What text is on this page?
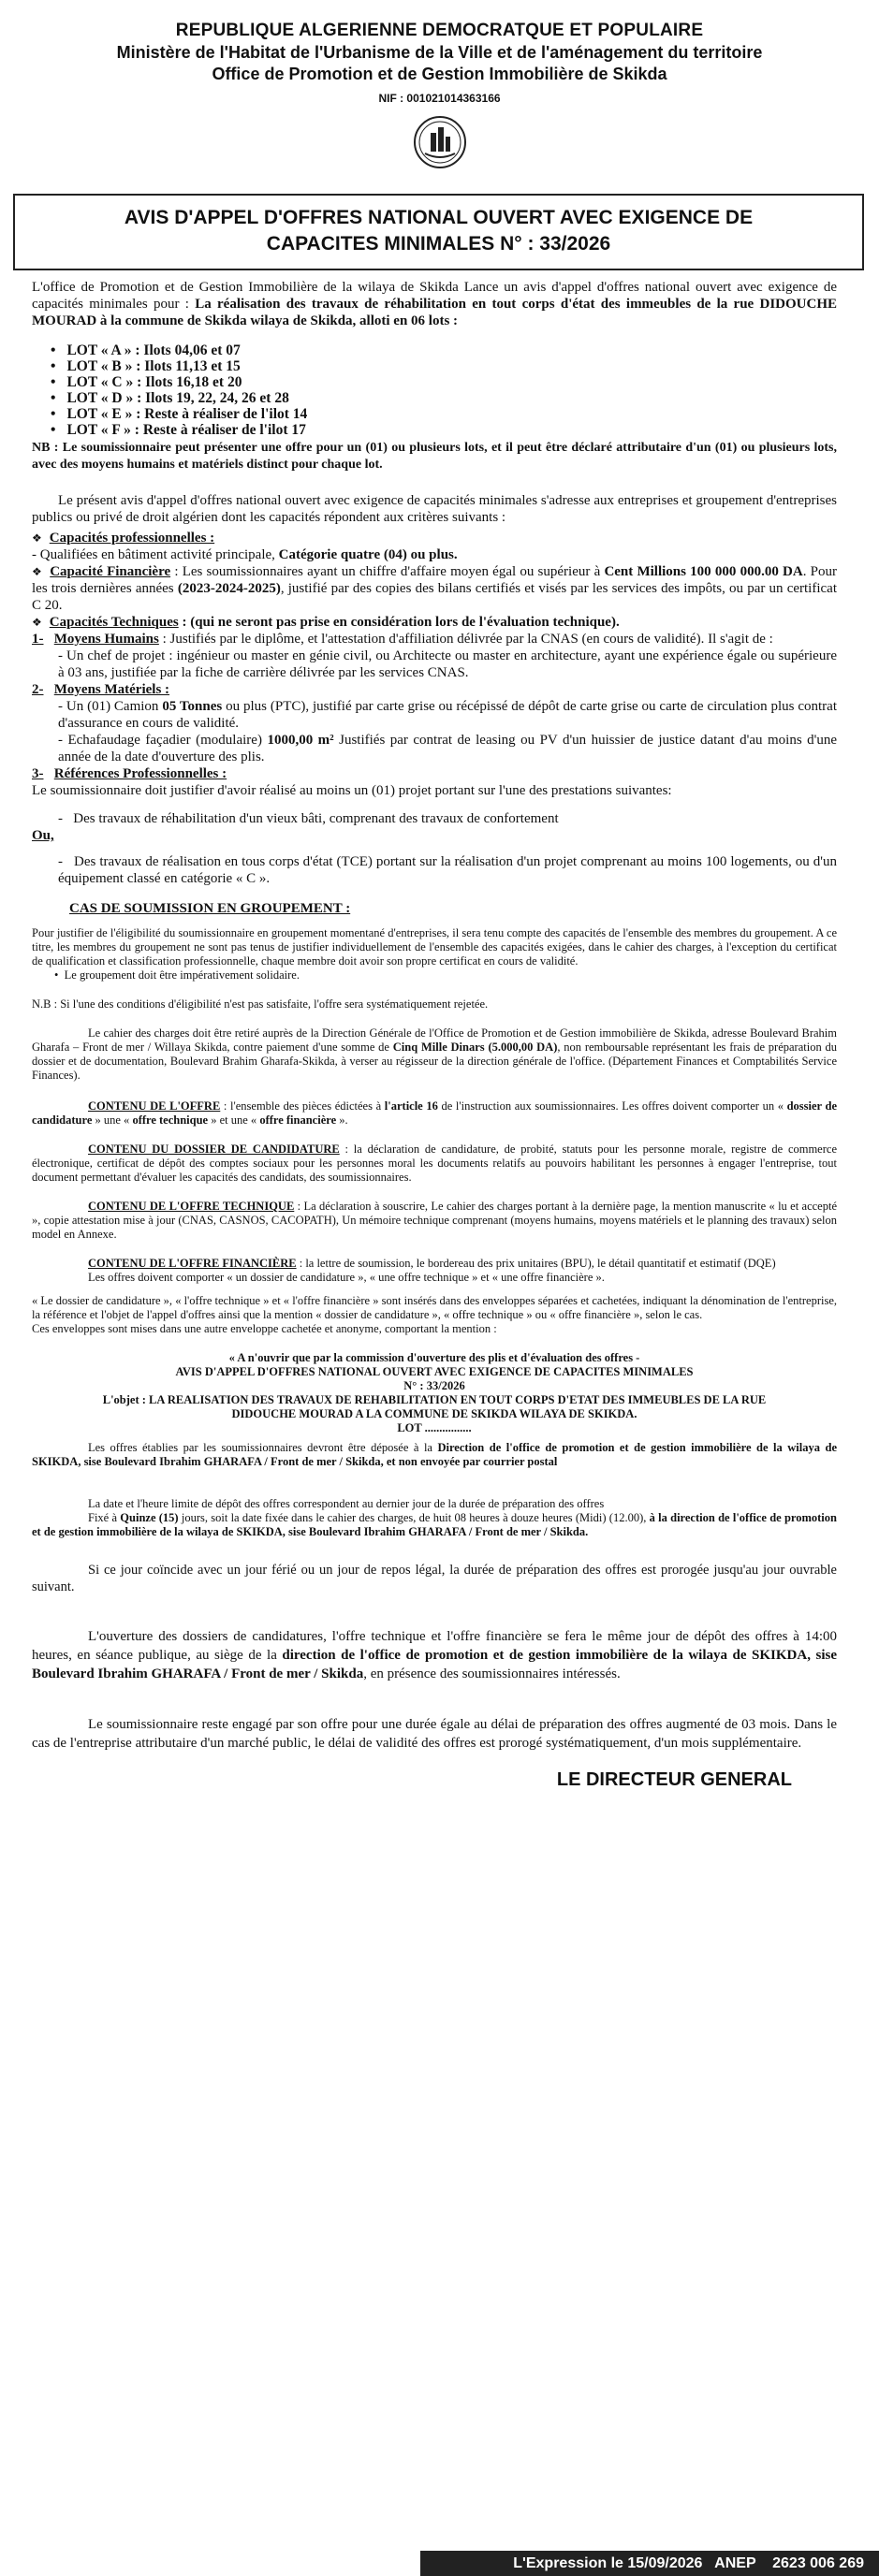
REPUBLIQUE ALGERIENNE DEMOCRATQUE ET POPULAIRE
Ministère de l'Habitat de l'Urbanisme de la Ville et de l'aménagement du territoire
Office de Promotion et de Gestion Immobilière de Skikda
NIF : 001021014363166
AVIS D'APPEL D'OFFRES NATIONAL OUVERT AVEC EXIGENCE DE
CAPACITES MINIMALES N° : 33/2026

L'office de Promotion et de Gestion Immobilière de la wilaya de Skikda Lance un avis d'appel d'offres national ouvert avec exigence de capacités minimales pour : La réalisation des travaux de réhabilitation en tout corps d'état des immeubles de la rue DIDOUCHE MOURAD à la commune de Skikda wilaya de Skikda, alloti en 06 lots :

• LOT « A » : Ilots 04,06 et 07
• LOT « B » : Ilots 11,13 et 15
• LOT « C » : Ilots 16,18 et 20
• LOT « D » : Ilots 19, 22, 24, 26 et 28
• LOT « E » : Reste à réaliser de l'ilot 14
• LOT « F » : Reste à réaliser de l'ilot 17

NB : Le soumissionnaire peut présenter une offre pour un (01) ou plusieurs lots, et il peut être déclaré attributaire d'un (01) ou plusieurs lots, avec des moyens humains et matériels distinct pour chaque lot.

Le présent avis d'appel d'offres national ouvert avec exigence de capacités minimales s'adresse aux entreprises et groupement d'entreprises publics ou privé de droit algérien dont les capacités répondent aux critères suivants :

❖ Capacités professionnelles :

- Qualifiées en bâtiment activité principale, Catégorie quatre (04) ou plus.

❖ Capacité Financière : Les soumissionnaires ayant un chiffre d'affaire moyen égal ou supérieur à Cent Millions 100 000 000.00 DA. Pour les trois dernières années (2023-2024-2025), justifié par des copies des bilans certifiés et visés par les services des impôts, ou par un certificat C 20.

❖ Capacités Techniques : (qui ne seront pas prise en considération lors de l'évaluation technique).

1- Moyens Humains : Justifiés par le diplôme, et l'attestation d'affiliation délivrée par la CNAS (en cours de validité). Il s'agit de :

- Un chef de projet : ingénieur ou master en génie civil, ou Architecte ou master en architecture, ayant une expérience égale ou supérieure à 03 ans, justifiée par la fiche de carrière délivrée par les services CNAS.

2- Moyens Matériels :

- Un (01) Camion 05 Tonnes ou plus (PTC), justifié par carte grise ou récépissé de dépôt de carte grise ou carte de circulation plus contrat d'assurance en cours de validité.

- Echafaudage façadier (modulaire) 1000,00 m² Justifiés par contrat de leasing ou PV d'un huissier de justice datant d'au moins d'une année de la date d'ouverture des plis.

3- Références Professionnelles :

Le soumissionnaire doit justifier d'avoir réalisé au moins un (01) projet portant sur l'une des prestations suivantes:

-   Des travaux de réhabilitation d'un vieux bâti, comprenant des travaux de confortement

Ou,

-   Des travaux de réalisation en tous corps d'état (TCE) portant sur la réalisation d'un projet comprenant au moins 100 logements, ou d'un équipement classé en catégorie « C ».

CAS DE SOUMISSION EN GROUPEMENT :

Pour justifier de l'éligibilité du soumissionnaire en groupement momentané d'entreprises, il sera tenu compte des capacités de l'ensemble des membres du groupement. A ce titre, les membres du groupement ne sont pas tenus de justifier individuellement de l'ensemble des capacités exigées, dans le cahier des charges, à l'exception du certificat de qualification et classification professionnelle, chaque membre doit avoir son propre certificat en cours de validité.

•  Le groupement doit être impérativement solidaire.

N.B : Si l'une des conditions d'éligibilité n'est pas satisfaite, l'offre sera systématiquement rejetée.

Le cahier des charges doit être retiré auprès de la Direction Générale de l'Office de Promotion et de Gestion immobilière de Skikda, adresse Boulevard Brahim Gharafa – Front de mer / Willaya Skikda, contre paiement d'une somme de Cinq Mille Dinars (5.000,00 DA), non remboursable représentant les frais de préparation du dossier et de documentation, Boulevard Brahim Gharafa-Skikda, à verser au régisseur de la direction générale de l'office. (Département Finances et Comptabilités Service Finances).

CONTENU DE L'OFFRE : l'ensemble des pièces édictées à l'article 16 de l'instruction aux soumissionnaires. Les offres doivent comporter un « dossier de candidature » une « offre technique » et une « offre financière ».

CONTENU DU DOSSIER DE CANDIDATURE : la déclaration de candidature, de probité, statuts pour les personne morale, registre de commerce électronique, certificat de dépôt des comptes sociaux pour les personnes moral les documents relatifs au pouvoirs habilitant les personnes à engager l'entreprise, tout document permettant d'évaluer les capacités des candidats, des soumissionnaires.

CONTENU DE L'OFFRE TECHNIQUE : La déclaration à souscrire, Le cahier des charges portant à la dernière page, la mention manuscrite « lu et accepté », copie attestation mise à jour (CNAS, CASNOS, CACOPATH), Un mémoire technique comprenant (moyens humains, moyens matériels et le planning des travaux) selon model en Annexe.

CONTENU DE L'OFFRE FINANCIÈRE : la lettre de soumission, le bordereau des prix unitaires (BPU), le détail quantitatif et estimatif (DQE)

Les offres doivent comporter « un dossier de candidature », « une offre technique » et « une offre financière ».

« Le dossier de candidature », « l'offre technique » et « l'offre financière » sont insérés dans des enveloppes séparées et cachetées, indiquant la dénomination de l'entreprise, la référence et l'objet de l'appel d'offres ainsi que la mention « dossier de candidature », « offre technique » ou « offre financière », selon le cas.

Ces enveloppes sont mises dans une autre enveloppe cachetée et anonyme, comportant la mention :

« A n'ouvrir que par la commission d'ouverture des plis et d'évaluation des offres -

AVIS D'APPEL D'OFFRES NATIONAL OUVERT AVEC EXIGENCE DE CAPACITES MINIMALES

N° : 33/2026

L'objet : LA REALISATION DES TRAVAUX DE REHABILITATION EN TOUT CORPS D'ETAT DES IMMEUBLES DE LA RUE DIDOUCHE MOURAD A LA COMMUNE DE SKIKDA WILAYA DE SKIKDA.

LOT ................

Les offres établies par les soumissionnaires devront être déposée à la Direction de l'office de promotion et de gestion immobilière de la wilaya de SKIKDA, sise Boulevard Ibrahim GHARAFA / Front de mer / Skikda, et non envoyée par courrier postal

La date et l'heure limite de dépôt des offres correspondent au dernier jour de la durée de préparation des offres

Fixé à Quinze (15) jours, soit la date fixée dans le cahier des charges, de huit 08 heures à douze heures (Midi) (12.00), à la direction de l'office de promotion et de gestion immobilière de la wilaya de SKIKDA, sise Boulevard Ibrahim GHARAFA / Front de mer / Skikda.

Si ce jour coïncide avec un jour férié ou un jour de repos légal, la durée de préparation des offres est prorogée jusqu'au jour ouvrable suivant.

L'ouverture des dossiers de candidatures, l'offre technique et l'offre financière se fera le même jour de dépôt des offres à 14:00 heures, en séance publique, au siège de la direction de l'office de promotion et de gestion immobilière de la wilaya de SKIKDA, sise Boulevard Ibrahim GHARAFA / Front de mer / Skikda, en présence des soumissionnaires intéressés.

Le soumissionnaire reste engagé par son offre pour une durée égale au délai de préparation des offres augmenté de 03 mois. Dans le cas de l'entreprise attributaire d'un marché public, le délai de validité des offres est prorogé systématiquement, d'un mois supplémentaire.

LE DIRECTEUR GENERAL

L'Expression le 15/09/2026   ANEP    2623 006 269
